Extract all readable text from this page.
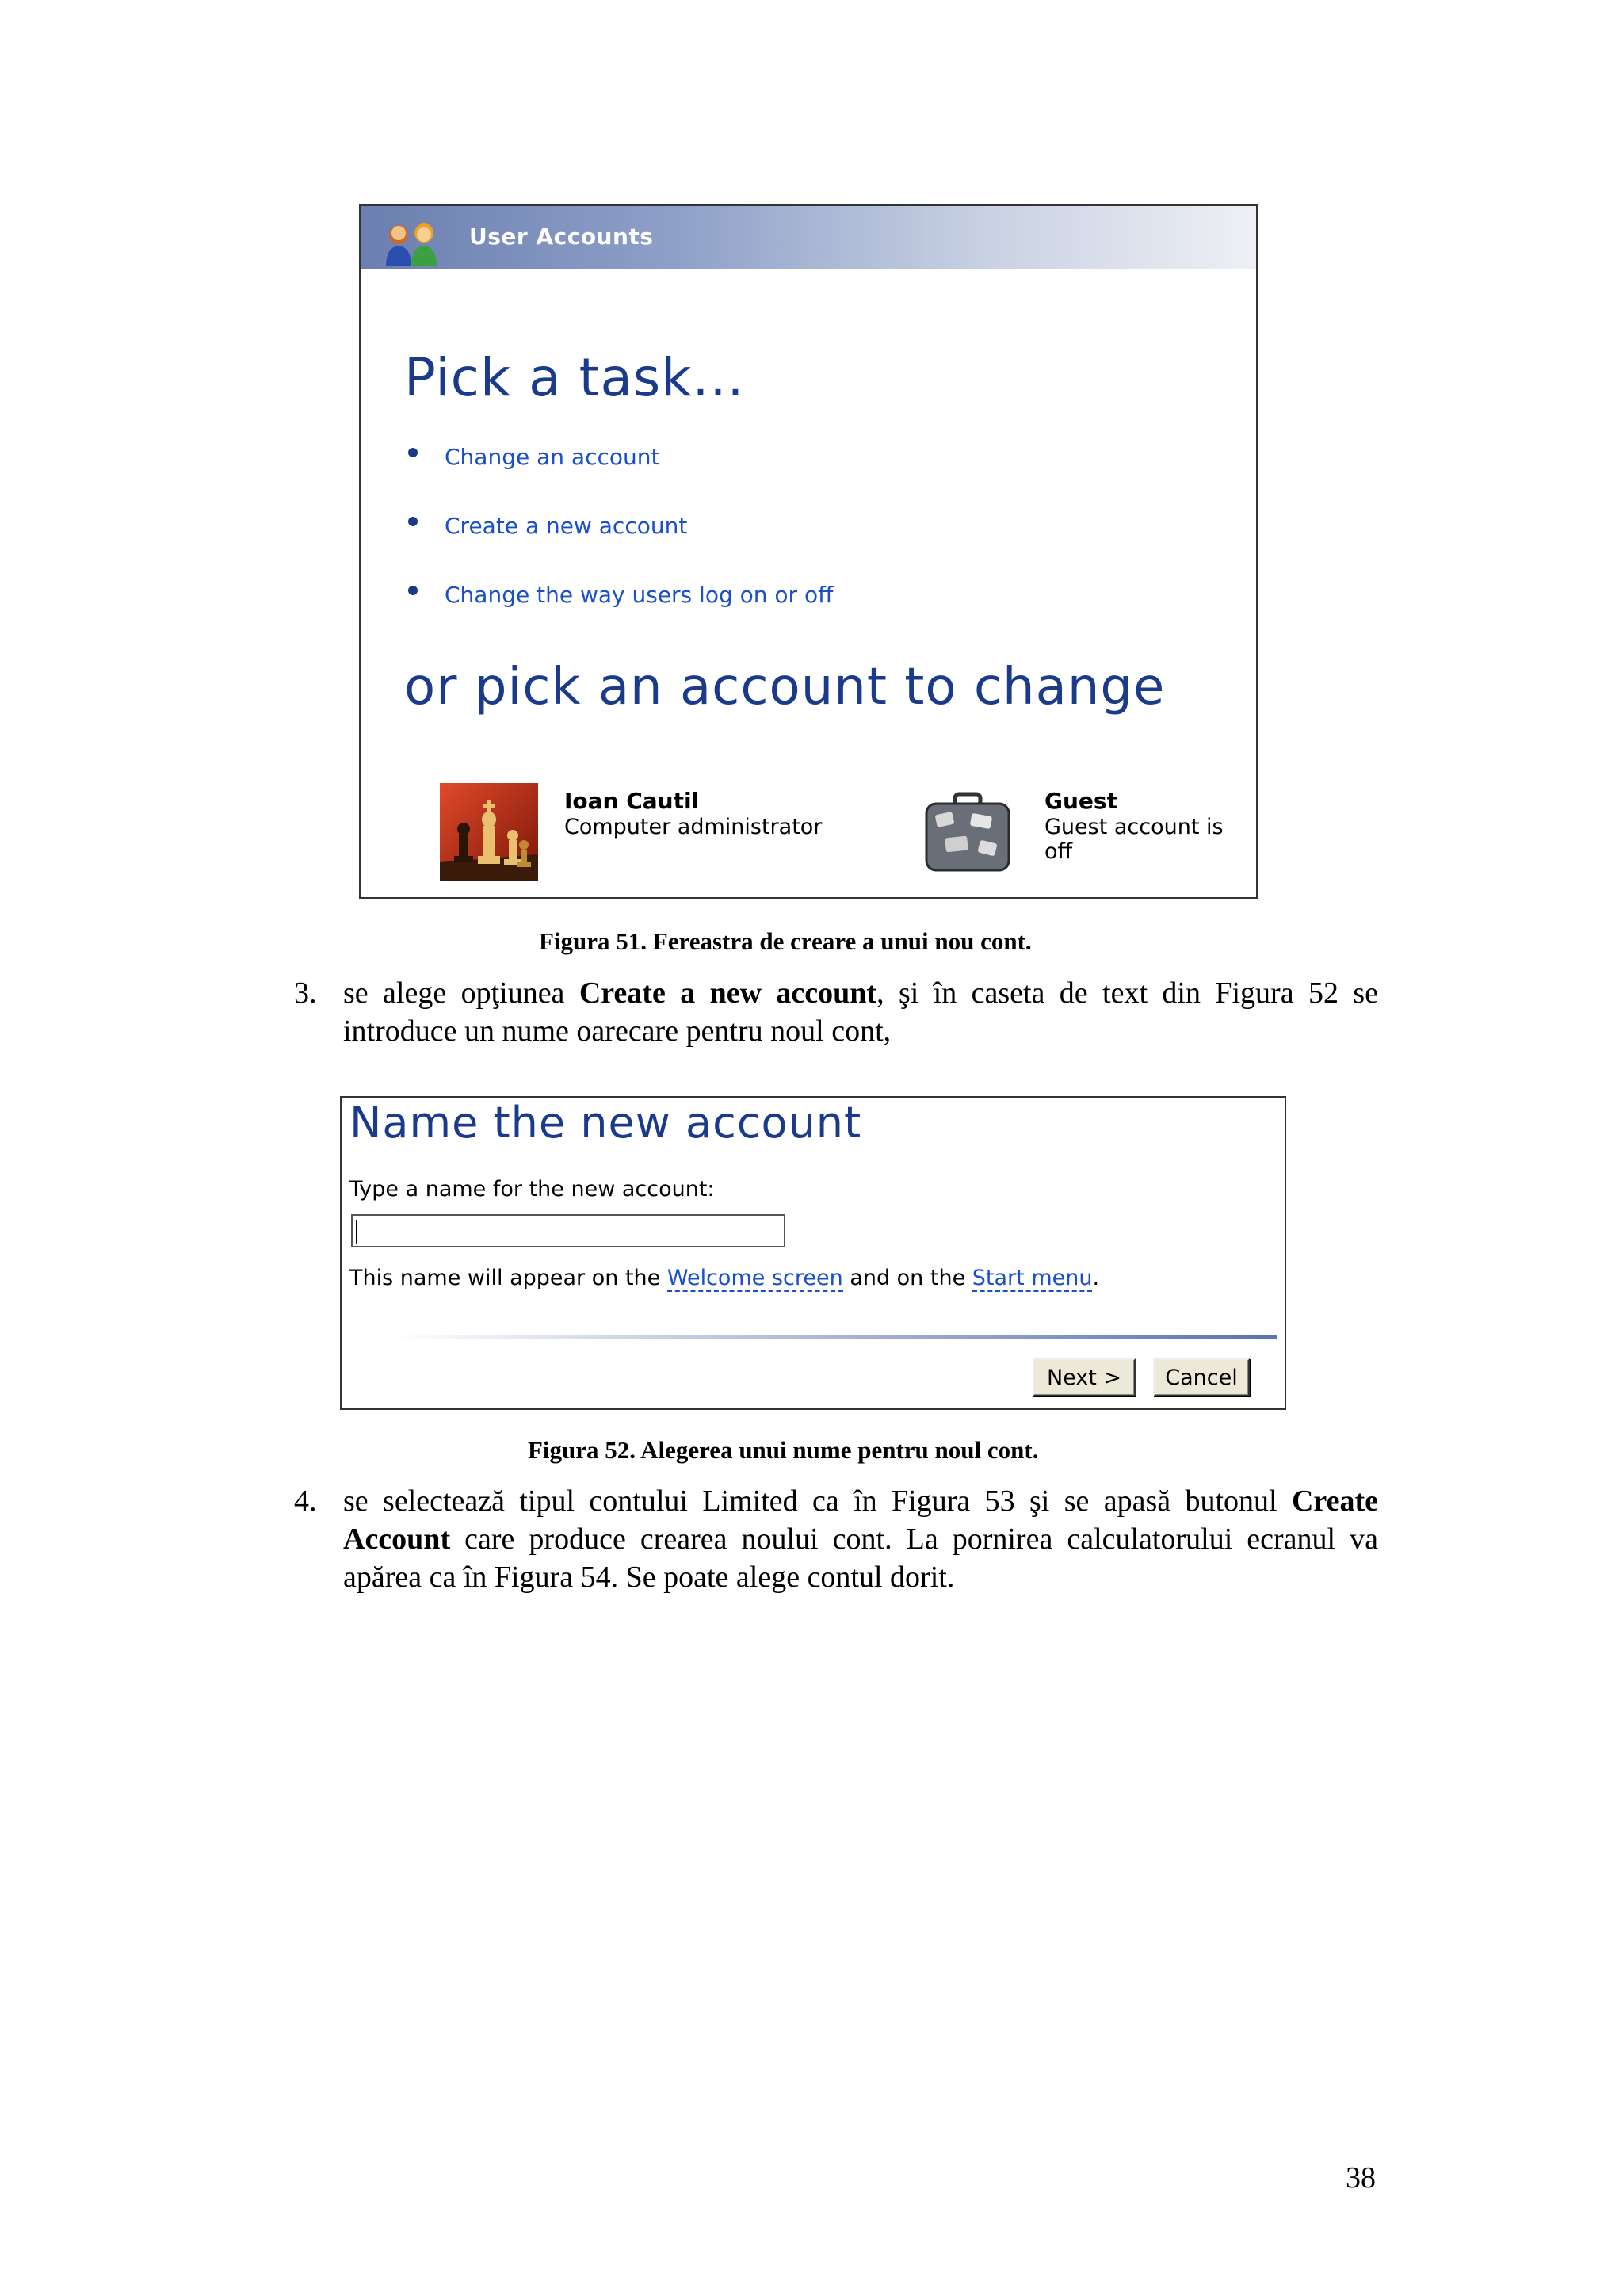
User Accounts
Pick a task...
Change an account
Create a new account
Change the way users log on or off
or pick an account to change
Ioan Cautil
Computer administrator
Guest
Guest account is off
Figura 51. Fereastra de creare a unui nou cont.
3. se alege opţiunea Create a new account, şi în caseta de text din Figura 52 se introduce un nume oarecare pentru noul cont,
Name the new account
Type a name for the new account:
This name will appear on the Welcome screen and on the Start menu.
Next >	Cancel
Figura 52. Alegerea unui nume pentru noul cont.
4. se selectează tipul contului Limited ca în Figura 53 şi se apasă butonul Create Account care produce crearea noului cont. La pornirea calculatorului ecranul va apărea ca în Figura 54. Se poate alege contul dorit.
38
